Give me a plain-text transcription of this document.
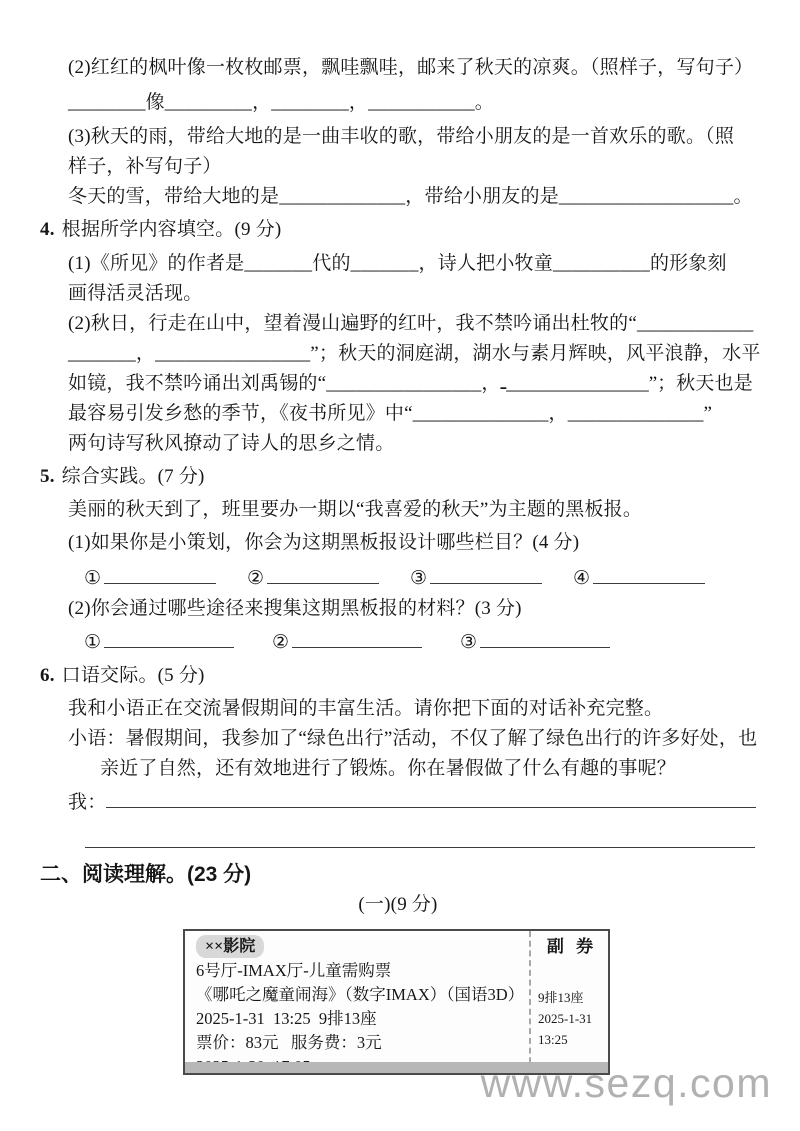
(2)红红的枫叶像一枚枚邮票，飘哇飘哇，邮来了秋天的凉爽。（照样子，写句子）
________像_________，________，___________。
(3)秋天的雨，带给大地的是一曲丰收的歌，带给小朋友的是一首欢乐的歌。（照
样子，补写句子）
冬天的雪，带给大地的是_____________，带给小朋友的是__________________。
4. 根据所学内容填空。(9 分)
(1)《所见》的作者是_______代的_______，诗人把小牧童__________的形象刻
画得活灵活现。
(2)秋日，行走在山中，望着漫山遍野的红叶，我不禁吟诵出杜牧的“____________
_______，________________”；秋天的洞庭湖，湖水与素月辉映，风平浪静，水平
如镜，我不禁吟诵出刘禹锡的“________________，ـ_______________”；秋天也是
最容易引发乡愁的季节，《夜书所见》中“______________，______________”
两句诗写秋风撩动了诗人的思乡之情。
5. 综合实践。(7 分)
美丽的秋天到了，班里要办一期以“我喜爱的秋天”为主题的黑板报。
(1)如果你是小策划，你会为这期黑板报设计哪些栏目？(4 分)
①	②	③	④
(2)你会通过哪些途径来搜集这期黑板报的材料？(3 分)
①	②	③
6. 口语交际。(5 分)
我和小语正在交流暑假期间的丰富生活。请你把下面的对话补充完整。
小语：暑假期间，我参加了“绿色出行”活动，不仅了解了绿色出行的许多好处，也
亲近了自然，还有效地进行了锻炼。你在暑假做了什么有趣的事呢？
我：
二、阅读理解。(23 分)
(一)(9 分)
××影院
6号厅-IMAX厅-儿童需购票
《哪吒之魔童闹海》（数字IMAX）（国语3D）
2025-1-31  13:25  9排13座
票价：83元   服务费：3元
副 券
9排13座
2025-1-31
13:25
www.sezq.com
